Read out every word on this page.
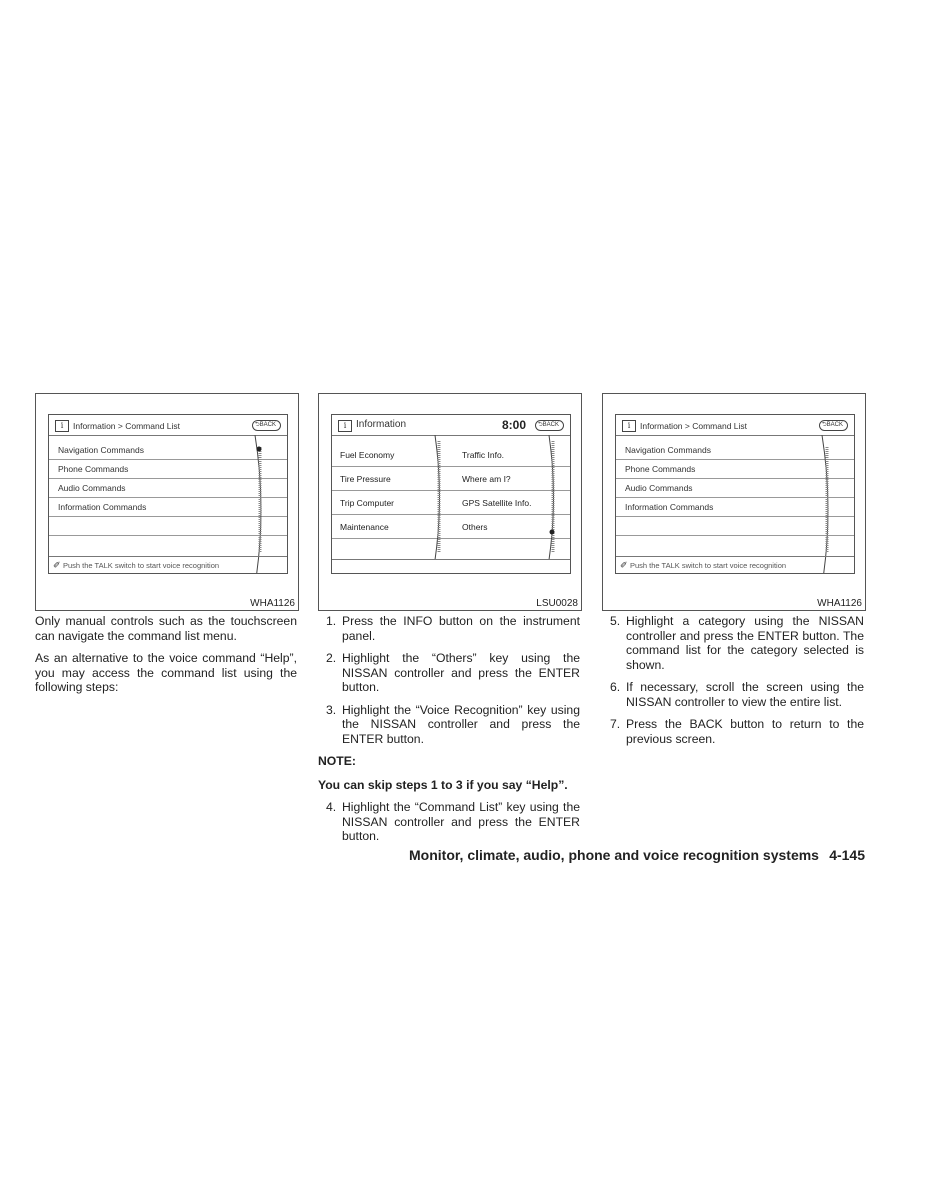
i	Information > Command List	⮌BACK
Navigation Commands
Phone Commands
Audio Commands
Information Commands
✐ Push the TALK switch to start voice recognition
WHA1126
i Information	8:00	⮌BACK
Fuel Economy	Traffic Info.
Tire Pressure	Where am I?
Trip Computer	GPS Satellite Info.
Maintenance	Others
LSU0028
i	Information > Command List	⮌BACK
Navigation Commands
Phone Commands
Audio Commands
Information Commands
✐ Push the TALK switch to start voice recognition
WHA1126

Only manual controls such as the touchscreen can navigate the command list menu.

As an alternative to the voice command “Help”, you may access the command list using the following steps:

1. Press the INFO button on the instrument panel.
2. Highlight the “Others” key using the NISSAN controller and press the ENTER button.
3. Highlight the “Voice Recognition” key using the NISSAN controller and press the ENTER button.
NOTE:
You can skip steps 1 to 3 if you say “Help”.
4. Highlight the “Command List” key using the NISSAN controller and press the ENTER button.
5. Highlight a category using the NISSAN controller and press the ENTER button. The command list for the category selected is shown.
6. If necessary, scroll the screen using the NISSAN controller to view the entire list.
7. Press the BACK button to return to the previous screen.
Monitor, climate, audio, phone and voice recognition systems 4-145
